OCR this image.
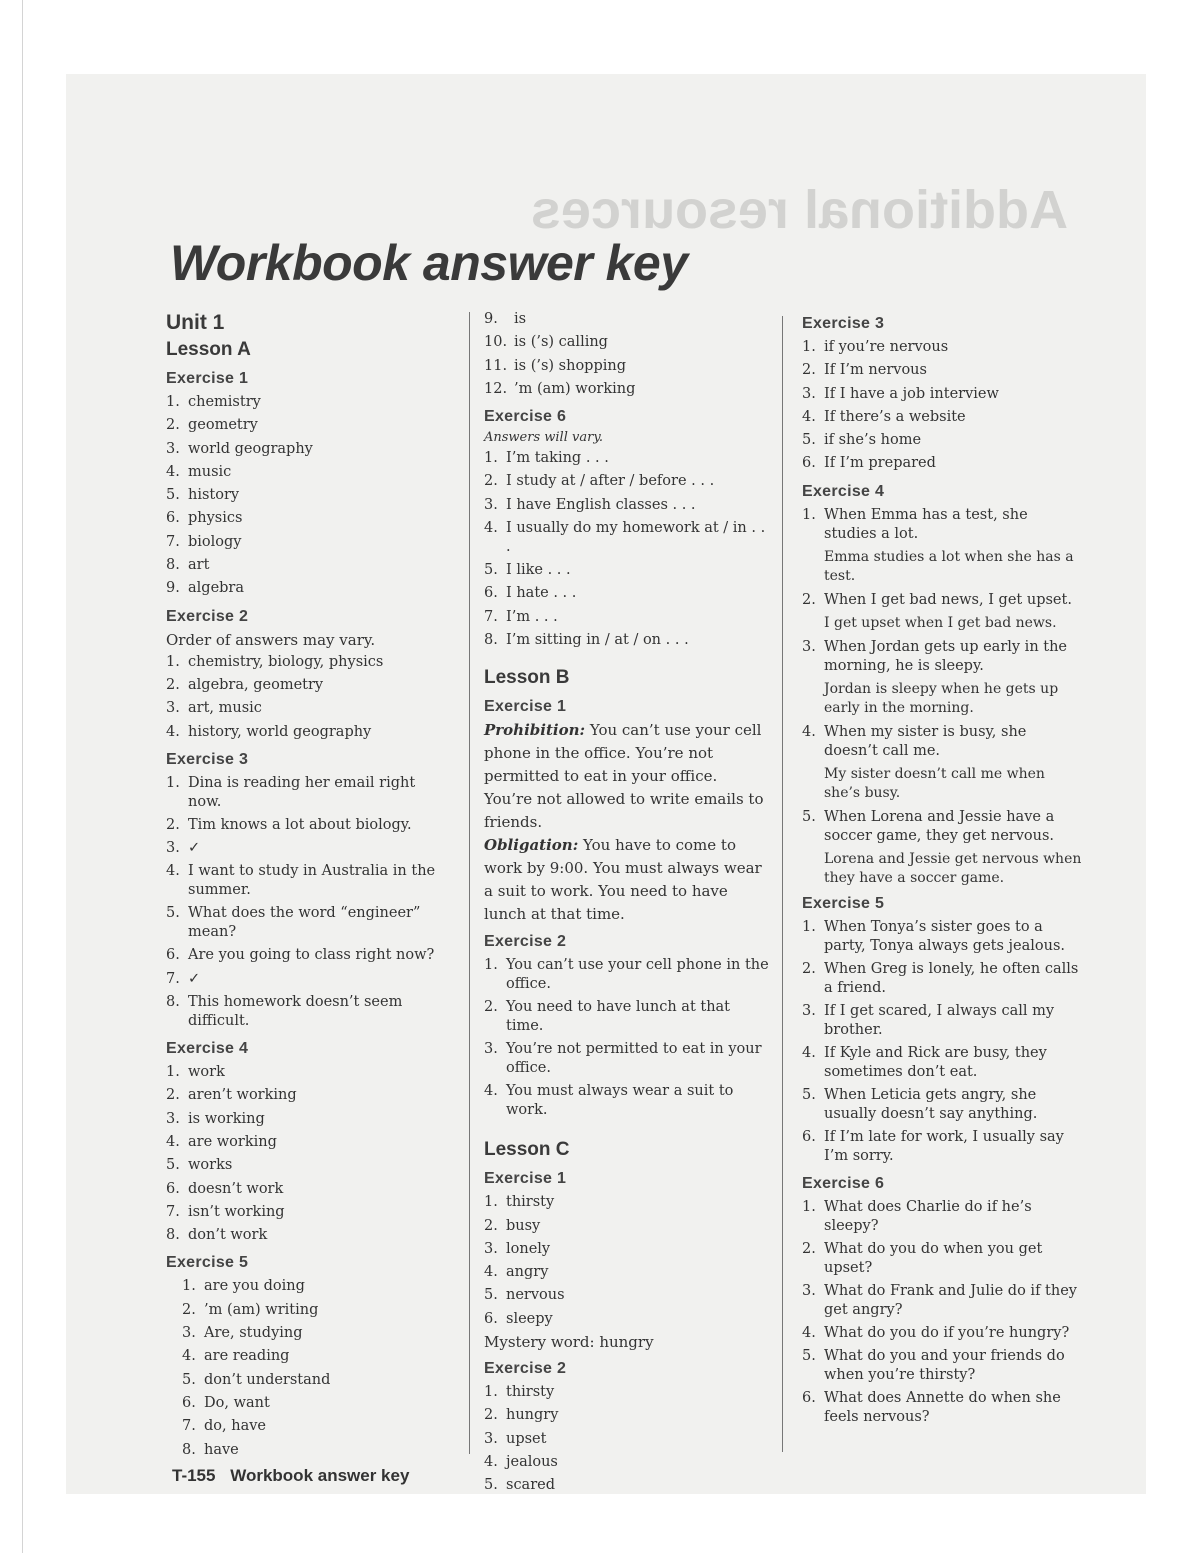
Additional resources
Workbook answer key
Unit 1
Lesson A
Exercise 1
1. chemistry
2. geometry
3. world geography
4. music
5. history
6. physics
7. biology
8. art
9. algebra
Exercise 2
Order of answers may vary.
1. chemistry, biology, physics
2. algebra, geometry
3. art, music
4. history, world geography
Exercise 3
1. Dina is reading her email right now.
2. Tim knows a lot about biology.
3. ✓
4. I want to study in Australia in the summer.
5. What does the word “engineer” mean?
6. Are you going to class right now?
7. ✓
8. This homework doesn’t seem difficult.
Exercise 4
1. work
2. aren’t working
3. is working
4. are working
5. works
6. doesn’t work
7. isn’t working
8. don’t work
Exercise 5
1. are you doing
2. ’m (am) writing
3. Are, studying
4. are reading
5. don’t understand
6. Do, want
7. do, have
8. have
9.	is
10. is (’s) calling
11. is (’s) shopping
12. ’m (am) working
Exercise 6
Answers will vary.
1. I’m taking . . .
2. I study at / after / before . . .
3. I have English classes . . .
4. I usually do my homework at / in . . .
5. I like . . .
6. I hate . . .
7. I’m . . .
8. I’m sitting in / at / on . . .
Lesson B
Exercise 1

Prohibition: You can’t use your cell phone in the office. You’re not permitted to eat in your office. You’re not allowed to write emails to friends.

Obligation: You have to come to work by 9:00. You must always wear a suit to work. You need to have lunch at that time.

Exercise 2
1. You can’t use your cell phone in the office.
2. You need to have lunch at that time.
3. You’re not permitted to eat in your office.
4. You must always wear a suit to work.
Lesson C
Exercise 1
1. thirsty
2. busy
3. lonely
4. angry
5. nervous
6. sleepy
Mystery word: hungry
Exercise 2
1. thirsty
2. hungry
3. upset
4. jealous
5. scared
Exercise 3
1. if you’re nervous
2. If I’m nervous
3. If I have a job interview
4. If there’s a website
5. if she’s home
6. If I’m prepared
Exercise 4
1. When Emma has a test, she studies a lot.
Emma studies a lot when she has a test.
2. When I get bad news, I get upset.
I get upset when I get bad news.
3. When Jordan gets up early in the morning, he is sleepy.
Jordan is sleepy when he gets up early in the morning.
4. When my sister is busy, she doesn’t call me.
My sister doesn’t call me when she’s busy.
5. When Lorena and Jessie have a soccer game, they get nervous.
Lorena and Jessie get nervous when they have a soccer game.
Exercise 5
1. When Tonya’s sister goes to a party, Tonya always gets jealous.
2. When Greg is lonely, he often calls a friend.
3. If I get scared, I always call my brother.
4. If Kyle and Rick are busy, they sometimes don’t eat.
5. When Leticia gets angry, she usually doesn’t say anything.
6. If I’m late for work, I usually say I’m sorry.
Exercise 6
1. What does Charlie do if he’s sleepy?
2. What do you do when you get upset?
3. What do Frank and Julie do if they get angry?
4. What do you do if you’re hungry?
5. What do you and your friends do when you’re thirsty?
6. What does Annette do when she feels nervous?
T-155 Workbook answer key
